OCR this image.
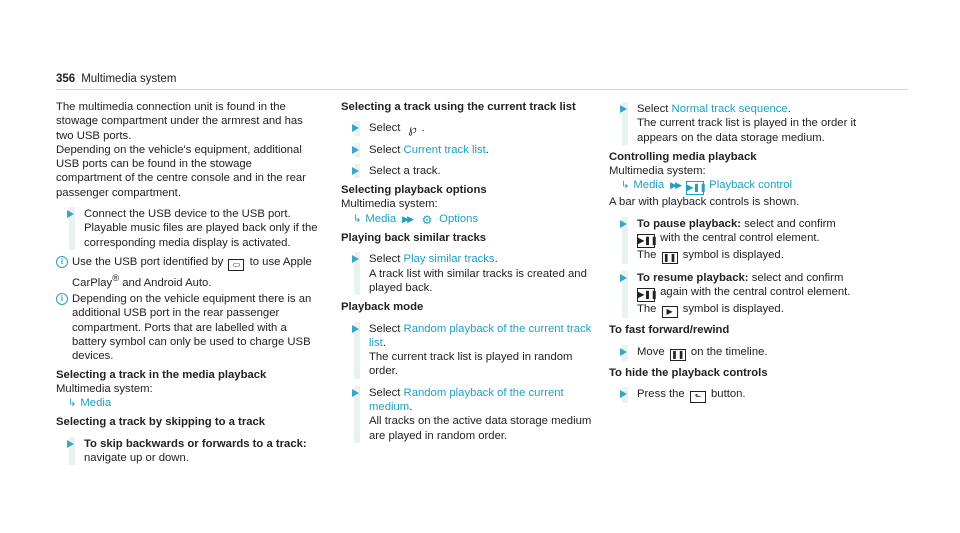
356 Multimedia system

The multimedia connection unit is found in the stowage compartment under the armrest and has two USB ports.

Depending on the vehicle's equipment, additional USB ports can be found in the stowage compartment of the centre console and in the rear passenger compartment.

Connect the USB device to the USB port.

Playable music files are played back only if the corresponding media display is activated.

i Use the USB port identified by ▭ to use Apple CarPlay® and Android Auto.
i Depending on the vehicle equipment there is an additional USB port in the rear passenger compartment. Ports that are labelled with a battery symbol can only be used to charge USB devices.

Selecting a track in the media playback

Multimedia system:

↳ Media

Selecting a track by skipping to a track

To skip backwards or forwards to a track: navigate up or down.

Selecting a track using the current track list

Select ℘ .

Select Current track list.

Select a track.

Selecting playback options

Multimedia system:

↳ Media ▶▶ ⚙ Options

Playing back similar tracks

Select Play similar tracks.

A track list with similar tracks is created and played back.

Playback mode

Select Random playback of the current track list.

The current track list is played in random order.

Select Random playback of the current medium.

All tracks on the active data storage medium are played in random order.

Select Normal track sequence.

The current track list is played in the order it appears on the data storage medium.

Controlling media playback

Multimedia system:

↳ Media ▶▶ ▶❚❚ Playback control

A bar with playback controls is shown.

To pause playback: select and confirm

▶❚❚ with the central control element.

The ❚❚ symbol is displayed.

To resume playback: select and confirm

▶❚❚ again with the central control element.

The ▶ symbol is displayed.

To fast forward/rewind

Move ❚❚ on the timeline.

To hide the playback controls

Press the ⬑ button.
